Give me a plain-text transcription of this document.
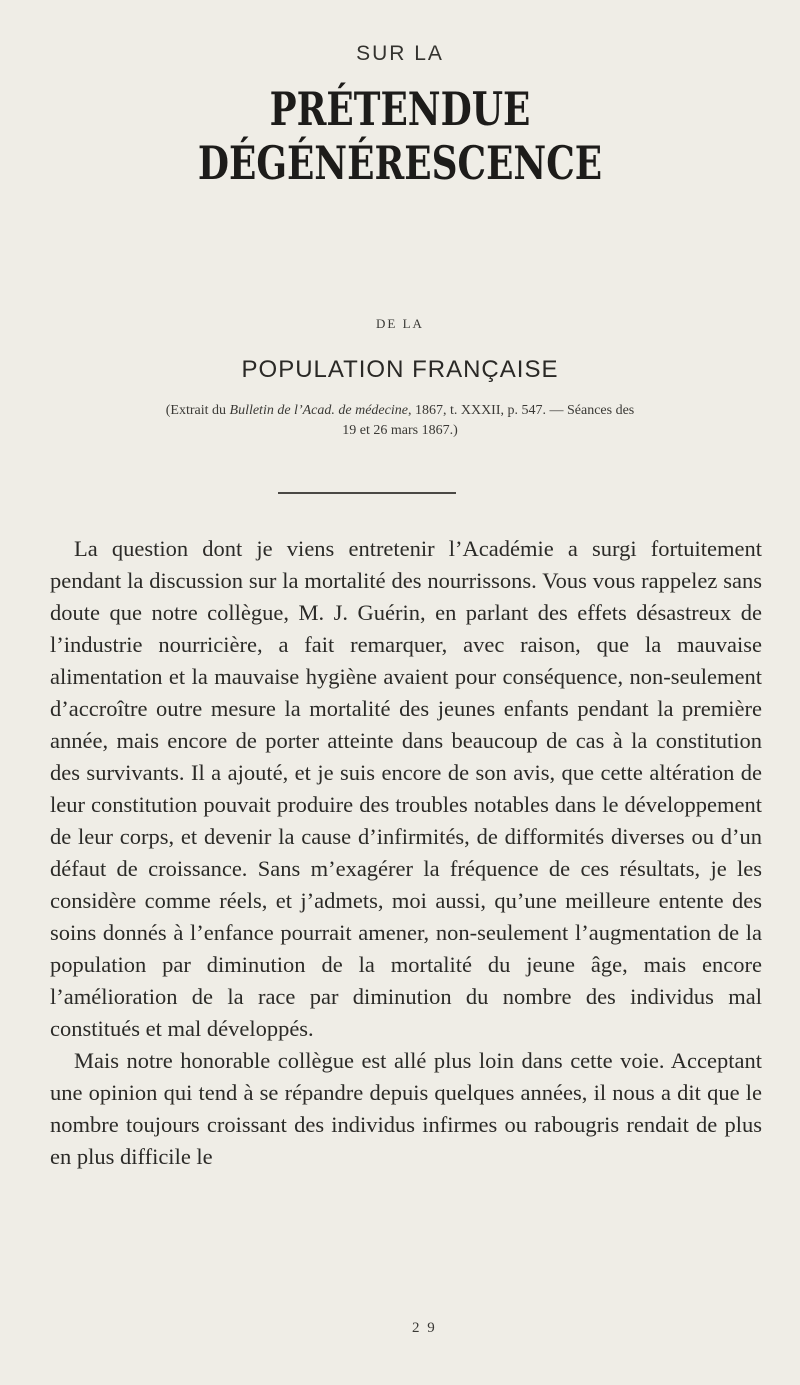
SUR LA
PRÉTENDUE DÉGÉNÉRESCENCE
DE LA
POPULATION FRANÇAISE
(Extrait du Bulletin de l’Acad. de médecine, 1867, t. XXXII, p. 547. — Séances des
19 et 26 mars 1867.)

La question dont je viens entretenir l’Académie a surgi fortuitement pendant la discussion sur la mortalité des nourrissons. Vous vous rappelez sans doute que notre collègue, M. J. Guérin, en parlant des effets désastreux de l’industrie nourricière, a fait remarquer, avec raison, que la mauvaise alimentation et la mauvaise hygiène avaient pour conséquence, non-seulement d’accroître outre mesure la mortalité des jeunes enfants pendant la première année, mais encore de porter atteinte dans beaucoup de cas à la constitution des survivants. Il a ajouté, et je suis encore de son avis, que cette altération de leur constitution pouvait produire des troubles notables dans le développement de leur corps, et devenir la cause d’infirmités, de difformités diverses ou d’un défaut de croissance. Sans m’exagérer la fréquence de ces résultats, je les considère comme réels, et j’admets, moi aussi, qu’une meilleure entente des soins donnés à l’enfance pourrait amener, non-seulement l’augmentation de la population par diminution de la mortalité du jeune âge, mais encore l’amélioration de la race par diminution du nombre des individus mal constitués et mal développés.

Mais notre honorable collègue est allé plus loin dans cette voie. Acceptant une opinion qui tend à se répandre depuis quelques années, il nous a dit que le nombre toujours croissant des individus infirmes ou rabougris rendait de plus en plus difficile le

2 9
